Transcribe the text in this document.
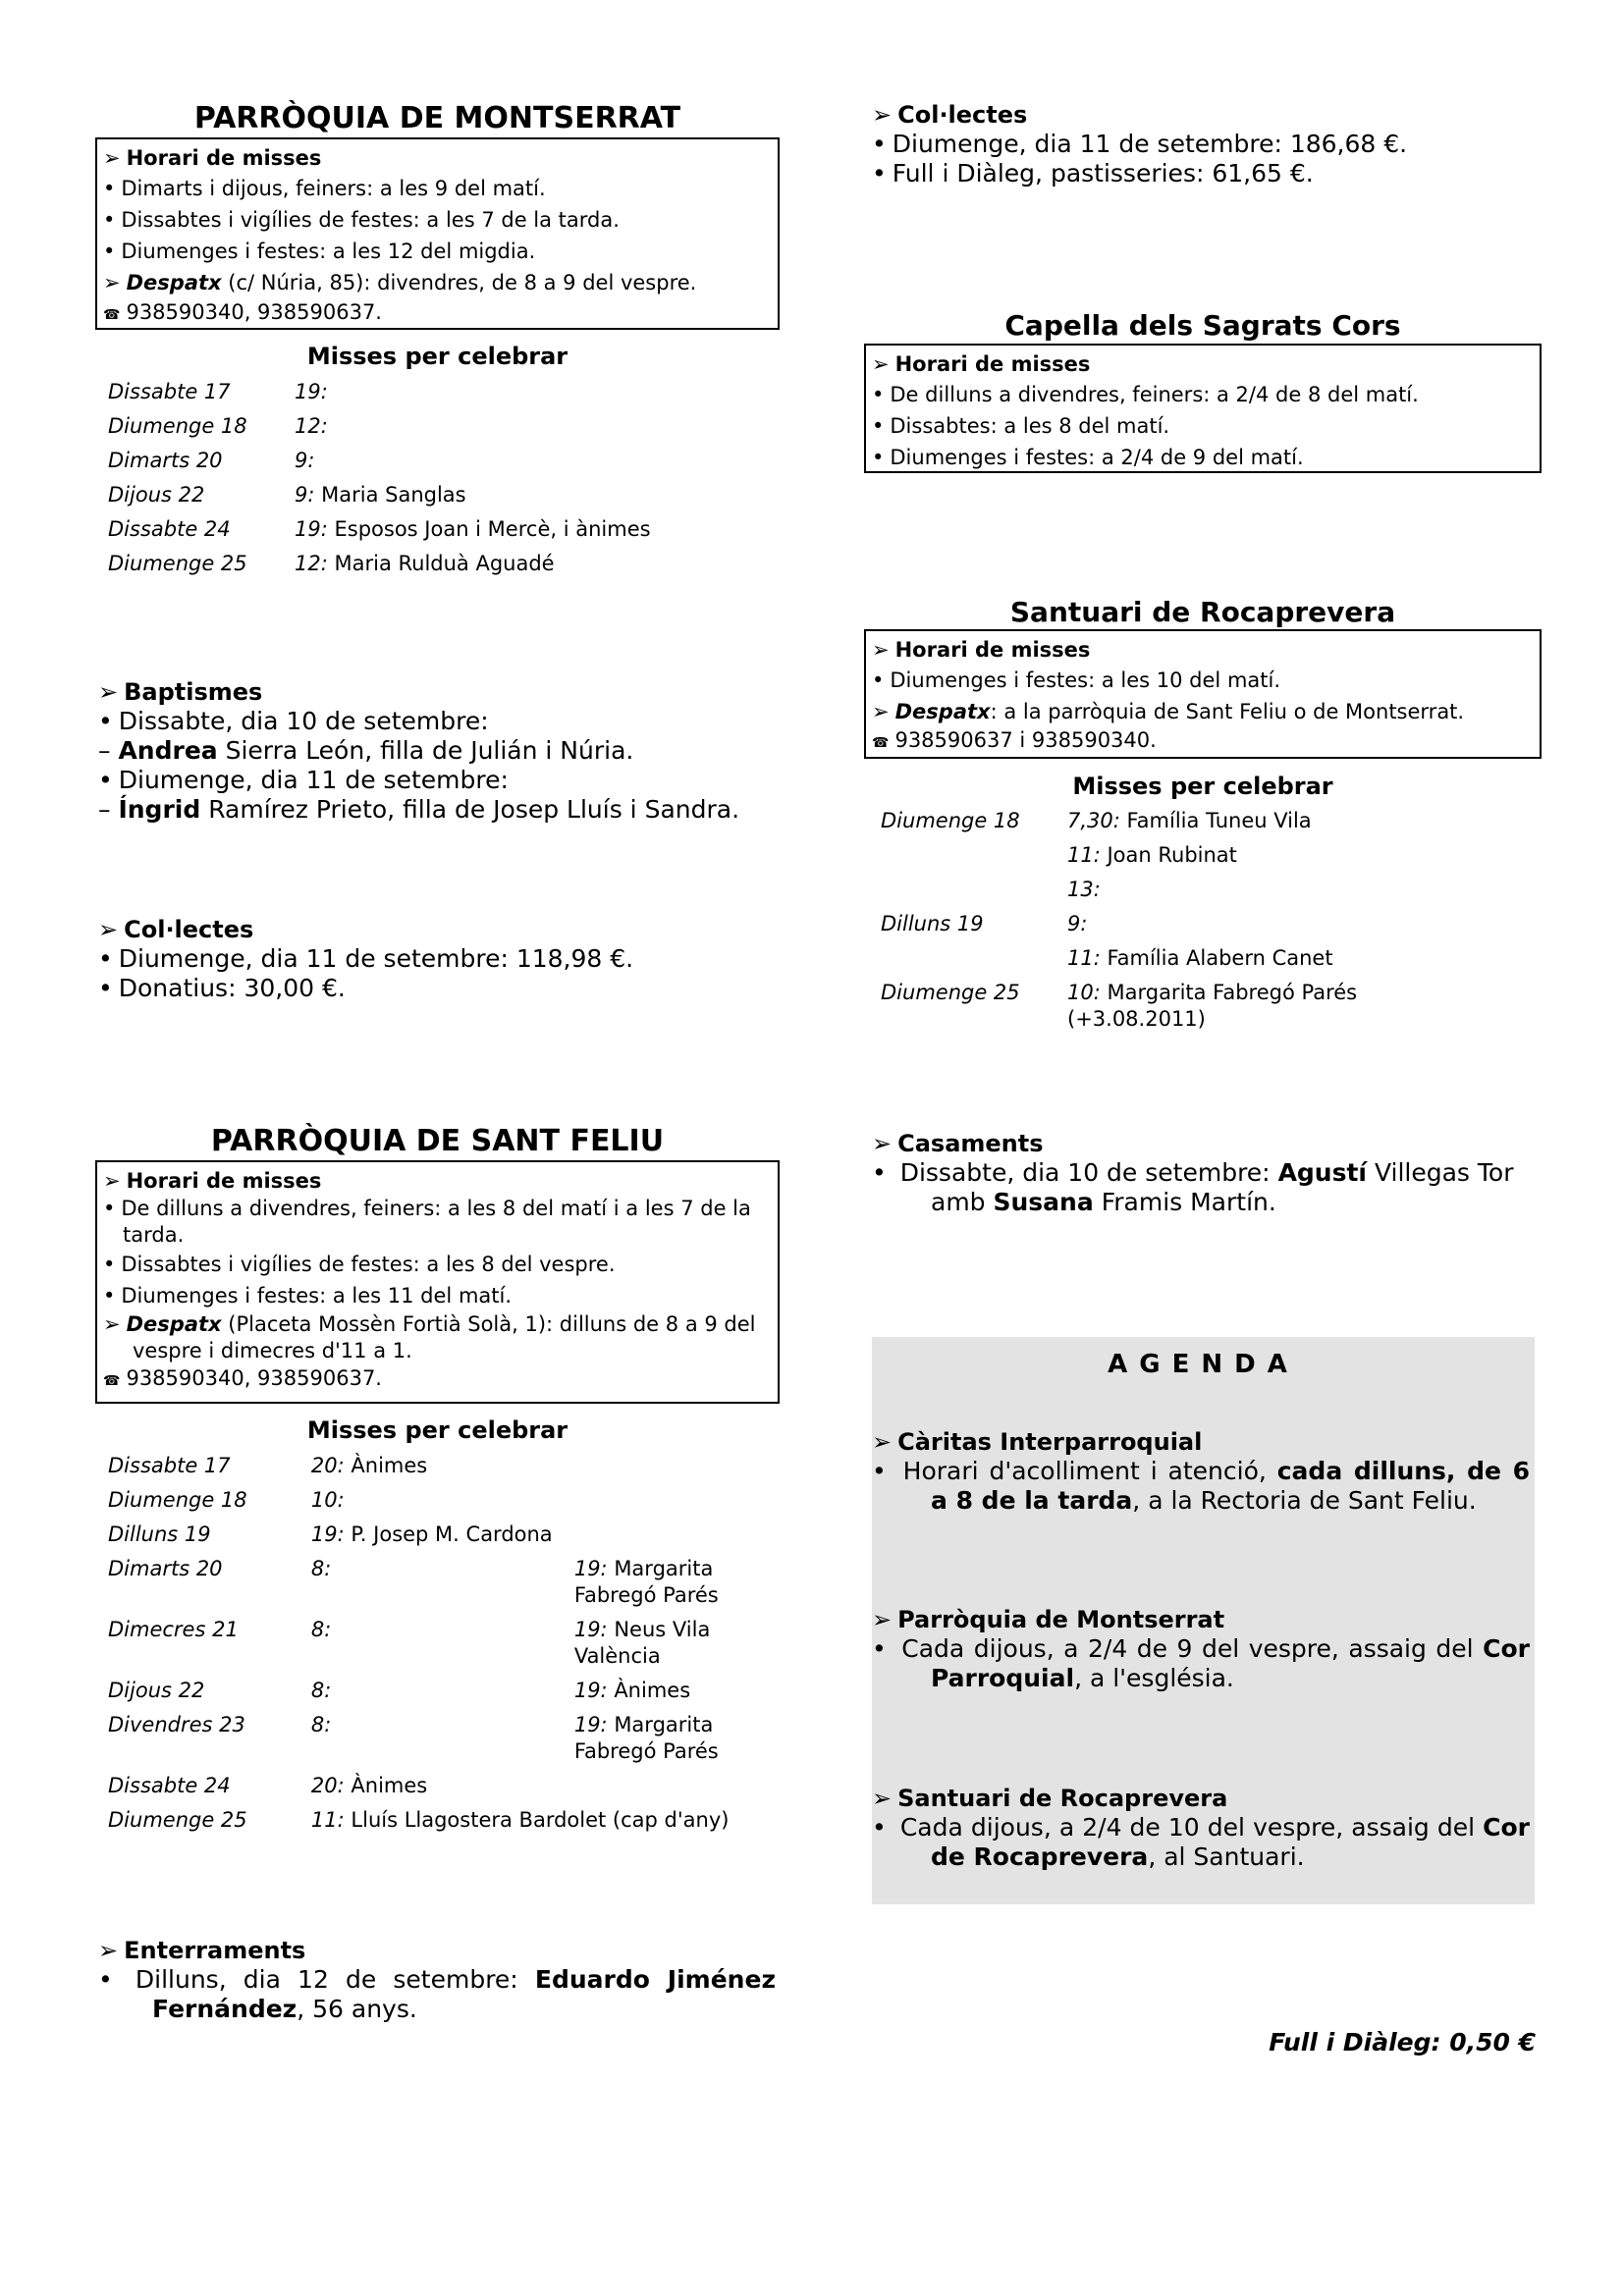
PARRÒQUIA DE MONTSERRAT
➢ Horari de misses
• Dimarts i dijous, feiners: a les 9 del matí.
• Dissabtes i vigílies de festes: a les 7 de la tarda.
• Diumenges i festes: a les 12 del migdia.
➢ Despatx (c/ Núria, 85): divendres, de 8 a 9 del vespre.
☎ 938590340, 938590637.
Misses per celebrar
Dissabte 17	19:
Diumenge 18	12:
Dimarts 20	9:
Dijous 22	9: Maria Sanglas
Dissabte 24	19: Esposos Joan i Mercè, i ànimes
Diumenge 25	12: Maria Rulduà Aguadé
➢ Baptismes
• Dissabte, dia 10 de setembre:
– Andrea Sierra León, filla de Julián i Núria.
• Diumenge, dia 11 de setembre:
– Íngrid Ramírez Prieto, filla de Josep Lluís i Sandra.
➢ Col·lectes
• Diumenge, dia 11 de setembre: 118,98 €.
• Donatius: 30,00 €.
PARRÒQUIA DE SANT FELIU
➢ Horari de misses
• De dilluns a divendres, feiners: a les 8 del matí i a les 7 de la tarda.
• Dissabtes i vigílies de festes: a les 8 del vespre.
• Diumenges i festes: a les 11 del matí.
➢ Despatx (Placeta Mossèn Fortià Solà, 1): dilluns de 8 a 9 del vespre i dimecres d'11 a 1.
☎ 938590340, 938590637.
Misses per celebrar
Dissabte 17	20: Ànimes	
Diumenge 18	10:	
Dilluns 19	19: P. Josep M. Cardona	
Dimarts 20	8:	19: Margarita Fabregó Parés
Dimecres 21	8:	19: Neus Vila València
Dijous 22	8:	19: Ànimes
Divendres 23	8:	19: Margarita Fabregó Parés
Dissabte 24	20: Ànimes	
Diumenge 25	11: Lluís Llagostera Bardolet (cap d'any)	
➢ Enterraments
• Dilluns, dia 12 de setembre: Eduardo Jiménez Fernández, 56 anys.
➢ Col·lectes
• Diumenge, dia 11 de setembre: 186,68 €.
• Full i Diàleg, pastisseries: 61,65 €.
Capella dels Sagrats Cors
➢ Horari de misses
• De dilluns a divendres, feiners: a 2/4 de 8 del matí.
• Dissabtes: a les 8 del matí.
• Diumenges i festes: a 2/4 de 9 del matí.
Santuari de Rocaprevera
➢ Horari de misses
• Diumenges i festes: a les 10 del matí.
➢ Despatx: a la parròquia de Sant Feliu o de Montserrat.
☎ 938590637 i 938590340.
Misses per celebrar
Diumenge 18	7,30: Família Tuneu Vila
	11: Joan Rubinat
	13:
Dilluns 19	9:
	11: Família Alabern Canet
Diumenge 25	10: Margarita Fabregó Parés (+3.08.2011)
➢ Casaments
• Dissabte, dia 10 de setembre: Agustí Villegas Tor amb Susana Framis Martín.
AGENDA
➢ Càritas Interparroquial
• Horari d'acolliment i atenció, cada dilluns, de 6 a 8 de la tarda, a la Rectoria de Sant Feliu.
➢ Parròquia de Montserrat
• Cada dijous, a 2/4 de 9 del vespre, assaig del Cor Parroquial, a l'església.
➢ Santuari de Rocaprevera
• Cada dijous, a 2/4 de 10 del vespre, assaig del Cor de Rocaprevera, al Santuari.
Full i Diàleg: 0,50 €
